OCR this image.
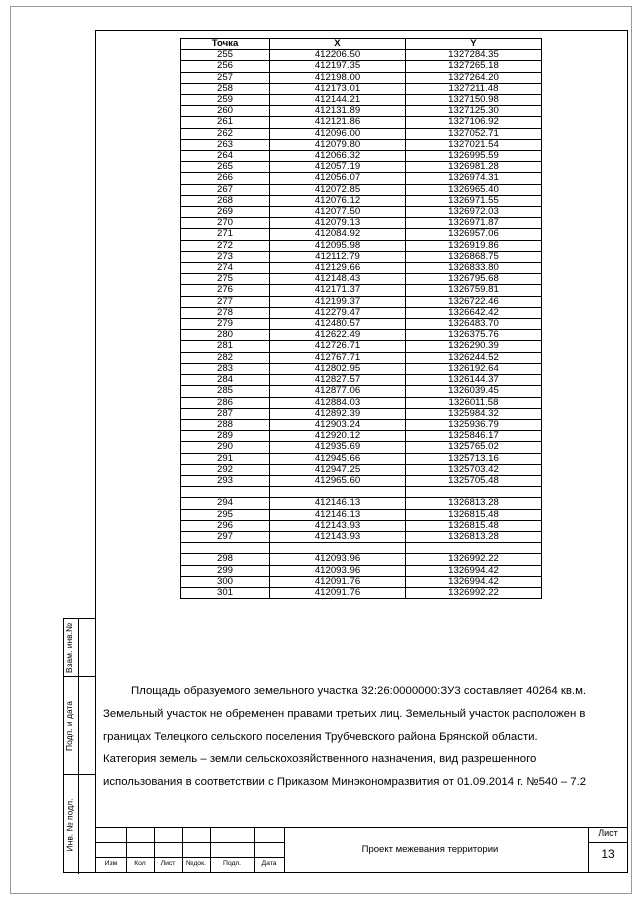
Взам. инв.№
Подп. и дата
Инв. № подл.
Точка	X	Y
255	412206.50	1327284.35
256	412197.35	1327265.18
257	412198.00	1327264.20
258	412173.01	1327211.48
259	412144.21	1327150.98
260	412131.89	1327125.30
261	412121.86	1327106.92
262	412096.00	1327052.71
263	412079.80	1327021.54
264	412066.32	1326995.59
265	412057.19	1326981.28
266	412056.07	1326974.31
267	412072.85	1326965.40
268	412076.12	1326971.55
269	412077.50	1326972.03
270	412079.13	1326971.87
271	412084.92	1326957.06
272	412095.98	1326919.86
273	412112.79	1326868.75
274	412129.66	1326833.80
275	412148.43	1326795.68
276	412171.37	1326759.81
277	412199.37	1326722.46
278	412279.47	1326642.42
279	412480.57	1326483.70
280	412622.49	1326375.76
281	412726.71	1326290.39
282	412767.71	1326244.52
283	412802.95	1326192.64
284	412827.57	1326144.37
285	412877.06	1326039.45
286	412884.03	1326011.58
287	412892.39	1325984.32
288	412903.24	1325936.79
289	412920.12	1325846.17
290	412935.69	1325765.02
291	412945.66	1325713.16
292	412947.25	1325703.42
293	412965.60	1325705.48

294	412146.13	1326813.28
295	412146.13	1326815.48
296	412143.93	1326815.48
297	412143.93	1326813.28

298	412093.96	1326992.22
299	412093.96	1326994.42
300	412091.76	1326994.42
301	412091.76	1326992.22

Площадь образуемого земельного участка 32:26:0000000:ЗУ3 составляет 40264 кв.м.

Земельный участок не обременен правами третьих лиц. Земельный участок расположен в

границах Телецкого сельского поселения Трубчевского района Брянской области.

Категория земель – земли сельскохозяйственного назначения, вид разрешенного

использования в соответствии с Приказом Минэкономразвития от 01.09.2014 г. №540 – 7.2

Изм	Кол	Лист	№док.	Подп.	Дата
Проект межевания территории
Лист
13
